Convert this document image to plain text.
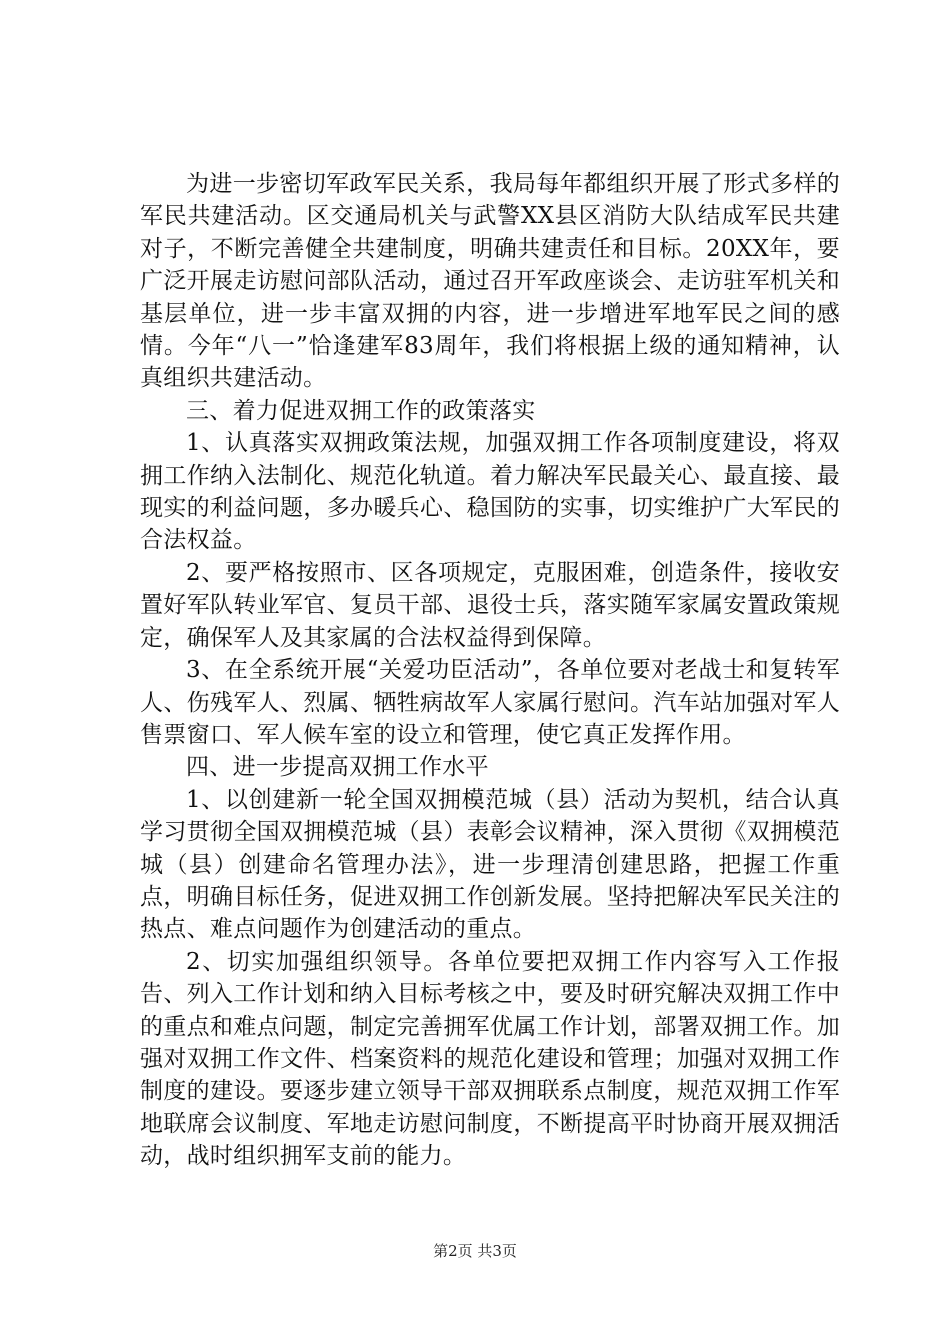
为进一步密切军政军民关系，我局每年都组织开展了形式多样的军民共建活动。区交通局机关与武警XX县区消防大队结成军民共建对子，不断完善健全共建制度，明确共建责任和目标。20XX年，要广泛开展走访慰问部队活动，通过召开军政座谈会、走访驻军机关和基层单位，进一步丰富双拥的内容，进一步增进军地军民之间的感情。今年“八一”恰逢建军83周年，我们将根据上级的通知精神，认真组织共建活动。

三、着力促进双拥工作的政策落实

1、认真落实双拥政策法规，加强双拥工作各项制度建设，将双拥工作纳入法制化、规范化轨道。着力解决军民最关心、最直接、最现实的利益问题，多办暖兵心、稳国防的实事，切实维护广大军民的合法权益。

2、要严格按照市、区各项规定，克服困难，创造条件，接收安置好军队转业军官、复员干部、退役士兵，落实随军家属安置政策规定，确保军人及其家属的合法权益得到保障。

3、在全系统开展“关爱功臣活动”，各单位要对老战士和复转军人、伤残军人、烈属、牺牲病故军人家属行慰问。汽车站加强对军人售票窗口、军人候车室的设立和管理，使它真正发挥作用。

四、进一步提高双拥工作水平

1、以创建新一轮全国双拥模范城（县）活动为契机，结合认真学习贯彻全国双拥模范城（县）表彰会议精神，深入贯彻《双拥模范城（县）创建命名管理办法》，进一步理清创建思路，把握工作重点，明确目标任务，促进双拥工作创新发展。坚持把解决军民关注的热点、难点问题作为创建活动的重点。

2、切实加强组织领导。各单位要把双拥工作内容写入工作报告、列入工作计划和纳入目标考核之中，要及时研究解决双拥工作中的重点和难点问题，制定完善拥军优属工作计划，部署双拥工作。加强对双拥工作文件、档案资料的规范化建设和管理；加强对双拥工作制度的建设。要逐步建立领导干部双拥联系点制度，规范双拥工作军地联席会议制度、军地走访慰问制度，不断提高平时协商开展双拥活动，战时组织拥军支前的能力。

第2页 共3页
